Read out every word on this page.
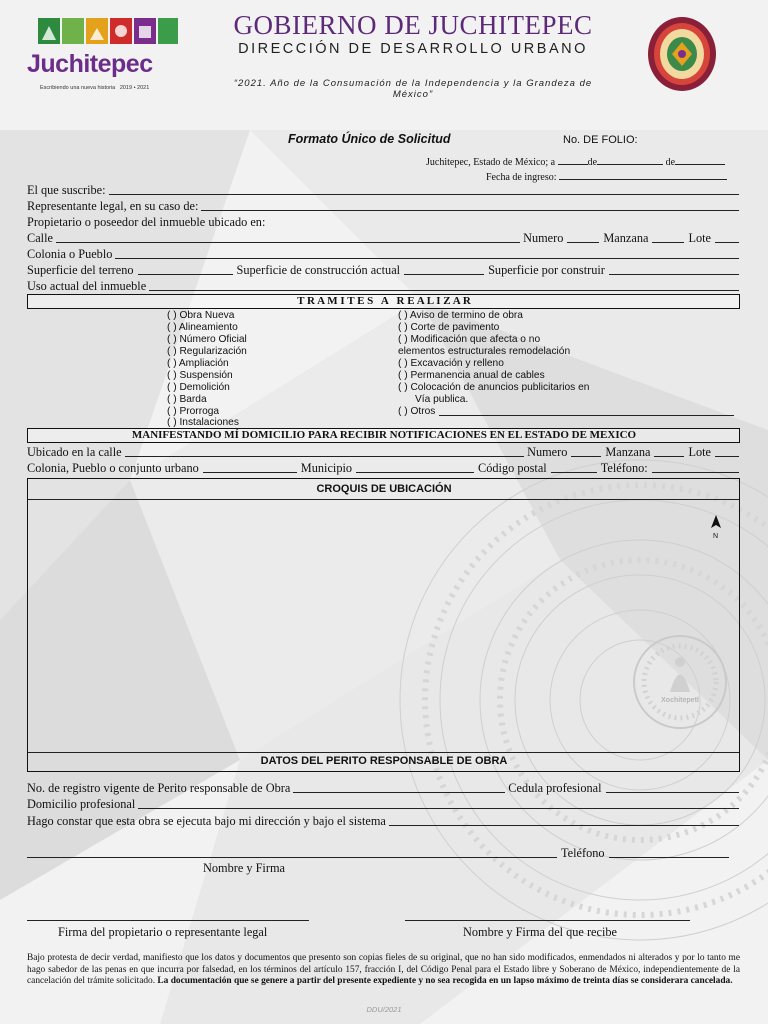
Juchitepec
Escribiendo una nueva historia 2019 • 2021
GOBIERNO DE JUCHITEPEC
DIRECCIÓN DE DESARROLLO URBANO
“2021. Año de la Consumación de la Independencia y la Grandeza de México”
Formato Único de Solicitud	No. DE FOLIO:
Juchitepec, Estado de México; a	de	de
Fecha de ingreso:
El que suscribe:
Representante legal, en su caso de:
Propietario o poseedor del inmueble ubicado en:
Calle	Numero	Manzana	Lote
Colonia o Pueblo
Superficie del terreno	Superficie de construcción actual	Superficie por construir
Uso actual del inmueble
T R A M I T E S   A   R E A L I Z A R
( ) Obra Nueva
( ) Alineamiento
( ) Número Oficial
( ) Regularización
( ) Ampliación
( ) Suspensión
( ) Demolición
( ) Barda
( ) Prorroga
( ) Instalaciones
( ) Aviso de termino de obra
( ) Corte de pavimento
( ) Modificación que afecta o no
elementos estructurales remodelación
( ) Excavación y relleno
( ) Permanencia anual de cables
( ) Colocación de anuncios publicitarios en
Vía publica.
( ) Otros
MANIFESTANDO MÍ DOMICILIO PARA RECIBIR NOTIFICACIONES EN EL ESTADO DE MEXICO
Ubicado en la calle	Numero	Manzana	Lote
Colonia, Pueblo o conjunto urbano	Municipio	Código postal	Teléfono:
CROQUIS DE UBICACIÓN
N
Xochitepetl
DATOS DEL PERITO RESPONSABLE DE OBRA
No. de registro vigente de Perito responsable de Obra	Cedula profesional
Domicilio profesional
Hago constar que esta obra se ejecuta bajo mi dirección y bajo el sistema
Teléfono
Nombre y Firma
Firma del propietario o representante legal	Nombre y Firma del que recibe
Bajo protesta de decir verdad, manifiesto que los datos y documentos que presento son copias fieles de su original, que no han sido modificados, enmendados ni alterados y por lo tanto me hago sabedor de las penas en que incurra por falsedad, en los términos del artículo 157, fracción I, del Código Penal para el Estado libre y Soberano de México, independientemente de la cancelación del trámite solicitado. La documentación que se genere a partir del presente expediente y no sea recogida en un lapso máximo de treinta días se considerara cancelada.
DDU/2021
